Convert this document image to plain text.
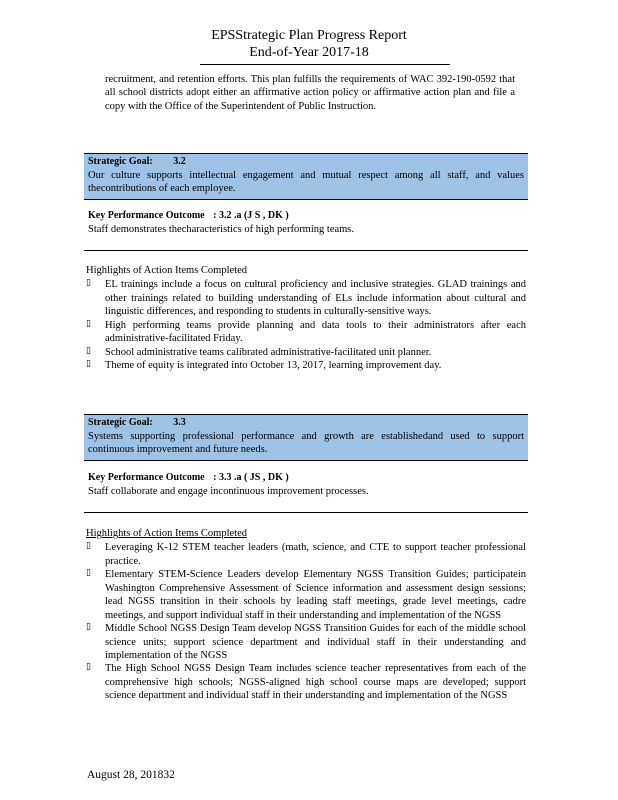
EPSStrategic Plan Progress Report
End-of-Year 2017-18
recruitment, and retention efforts. This plan fulfills the requirements of WAC 392-190-0592 that all school districts adopt either an affirmative action policy or affirmative action plan and file a copy with the Office of the Superintendent of Public Instruction.
Strategic Goal: 3.2
Our culture supports intellectual engagement and mutual respect among all staff, and values thecontributions of each employee.
Key Performance Outcome : 3.2 .a (J S , DK )
Staff demonstrates thecharacteristics of high performing teams.
Highlights of Action Items Completed
▯ EL trainings include a focus on cultural proficiency and inclusive strategies. GLAD trainings and other trainings related to building understanding of ELs include information about cultural and linguistic differences, and responding to students in culturally-sensitive ways.
▯ High performing teams provide planning and data tools to their administrators after each administrative-facilitated Friday.
▯ School administrative teams calibrated administrative-facilitated unit planner.
▯ Theme of equity is integrated into October 13, 2017, learning improvement day.
Strategic Goal: 3.3
Systems supporting professional performance and growth are establishedand used to support continuous improvement and future needs.
Key Performance Outcome : 3.3 .a ( JS , DK )
Staff collaborate and engage incontinuous improvement processes.
Highlights of Action Items Completed
▯ Leveraging K-12 STEM teacher leaders (math, science, and CTE to support teacher professional practice.
▯ Elementary STEM-Science Leaders develop Elementary NGSS Transition Guides; participatein Washington Comprehensive Assessment of Science information and assessment design sessions; lead NGSS transition in their schools by leading staff meetings, grade level meetings, cadre meetings, and support individual staff in their understanding and implementation of the NGSS
▯ Middle School NGSS Design Team develop NGSS Transition Guides for each of the middle school science units; support science department and individual staff in their understanding and implementation of the NGSS
▯ The High School NGSS Design Team includes science teacher representatives from each of the comprehensive high schools; NGSS-aligned high school course maps are developed; support science department and individual staff in their understanding and implementation of the NGSS
August 28, 201832
